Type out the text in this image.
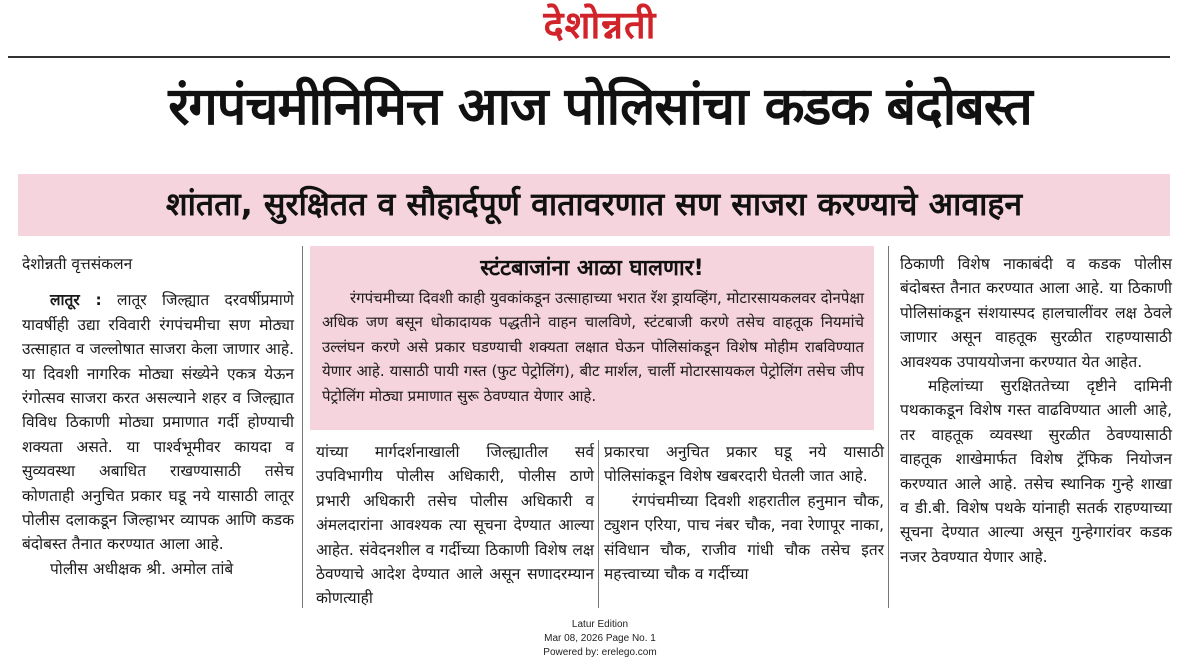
देशोन्नती
रंगपंचमीनिमित्त आज पोलिसांचा कडक बंदोबस्त
शांतता, सुरक्षितत व सौहार्दपूर्ण वातावरणात सण साजरा करण्याचे आवाहन

देशोन्नती वृत्तसंकलन

लातूर : लातूर जिल्ह्यात दरवर्षीप्रमाणे यावर्षीही उद्या रविवारी रंगपंचमीचा सण मोठ्या उत्साहात व जल्लोषात साजरा केला जाणार आहे. या दिवशी नागरिक मोठ्या संख्येने एकत्र येऊन रंगोत्सव साजरा करत असल्याने शहर व जिल्ह्यात विविध ठिकाणी मोठ्या प्रमाणात गर्दी होण्याची शक्यता असते. या पार्श्वभूमीवर कायदा व सुव्यवस्था अबाधित राखण्यासाठी तसेच कोणताही अनुचित प्रकार घडू नये यासाठी लातूर पोलीस दलाकडून जिल्हाभर व्यापक आणि कडक बंदोबस्त तैनात करण्यात आला आहे.

पोलीस अधीक्षक श्री. अमोल तांबे

स्टंटबाजांना आळा घालणार!

रंगपंचमीच्या दिवशी काही युवकांकडून उत्साहाच्या भरात रॅश ड्रायव्हिंग, मोटारसायकलवर दोनपेक्षा अधिक जण बसून धोकादायक पद्धतीने वाहन चालविणे, स्टंटबाजी करणे तसेच वाहतूक नियमांचे उल्लंघन करणे असे प्रकार घडण्याची शक्यता लक्षात घेऊन पोलिसांकडून विशेष मोहीम राबविण्यात येणार आहे. यासाठी पायी गस्त (फुट पेट्रोलिंग), बीट मार्शल, चार्ली मोटारसायकल पेट्रोलिंग तसेच जीप पेट्रोलिंग मोठ्या प्रमाणात सुरू ठेवण्यात येणार आहे.

यांच्या मार्गदर्शनाखाली जिल्ह्यातील सर्व उपविभागीय पोलीस अधिकारी, पोलीस ठाणे प्रभारी अधिकारी तसेच पोलीस अधिकारी व अंमलदारांना आवश्यक त्या सूचना देण्यात आल्या आहेत. संवेदनशील व गर्दीच्या ठिकाणी विशेष लक्ष ठेवण्याचे आदेश देण्यात आले असून सणादरम्यान कोणत्याही

प्रकारचा अनुचित प्रकार घडू नये यासाठी पोलिसांकडून विशेष खबरदारी घेतली जात आहे.

रंगपंचमीच्या दिवशी शहरातील हनुमान चौक, ट्युशन एरिया, पाच नंबर चौक, नवा रेणापूर नाका, संविधान चौक, राजीव गांधी चौक तसेच इतर महत्त्वाच्या चौक व गर्दीच्या

ठिकाणी विशेष नाकाबंदी व कडक पोलीस बंदोबस्त तैनात करण्यात आला आहे. या ठिकाणी पोलिसांकडून संशयास्पद हालचालींवर लक्ष ठेवले जाणार असून वाहतूक सुरळीत राहण्यासाठी आवश्यक उपाययोजना करण्यात येत आहेत.

महिलांच्या सुरक्षिततेच्या दृष्टीने दामिनी पथकाकडून विशेष गस्त वाढविण्यात आली आहे, तर वाहतूक व्यवस्था सुरळीत ठेवण्यासाठी वाहतूक शाखेमार्फत विशेष ट्रॅफिक नियोजन करण्यात आले आहे. तसेच स्थानिक गुन्हे शाखा व डी.बी. विशेष पथके यांनाही सतर्क राहण्याच्या सूचना देण्यात आल्या असून गुन्हेगारांवर कडक नजर ठेवण्यात येणार आहे.

Latur Edition
Mar 08, 2026 Page No. 1
Powered by: erelego.com
